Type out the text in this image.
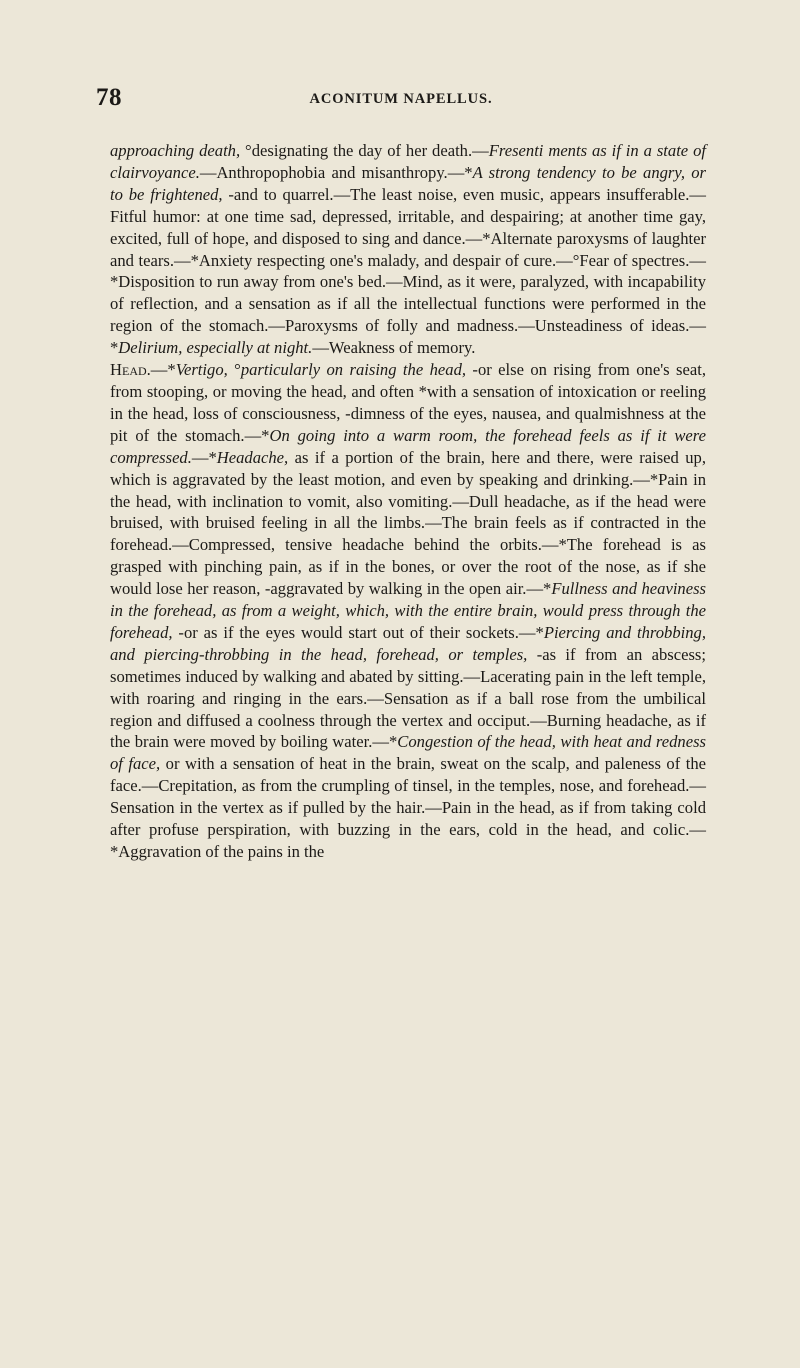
78	ACONITUM NAPELLUS.

approaching death, °designating the day of her death.—Fresenti ments as if in a state of clairvoyance.—Anthropophobia and misanthropy.—*A strong tendency to be angry, or to be frightened, -and to quarrel.—The least noise, even music, appears insufferable.—Fitful humor: at one time sad, depressed, irritable, and despairing; at another time gay, excited, full of hope, and disposed to sing and dance.—*Alternate paroxysms of laughter and tears.—*Anxiety respecting one's malady, and despair of cure.—°Fear of spectres.—*Disposition to run away from one's bed.—Mind, as it were, paralyzed, with incapability of reflection, and a sensation as if all the intellectual functions were performed in the region of the stomach.—Paroxysms of folly and madness.—Unsteadiness of ideas.—*Delirium, especially at night.—Weakness of memory.

Head.—*Vertigo, °particularly on raising the head, -or else on rising from one's seat, from stooping, or moving the head, and often *with a sensation of intoxication or reeling in the head, loss of consciousness, -dimness of the eyes, nausea, and qualmishness at the pit of the stomach.—*On going into a warm room, the forehead feels as if it were compressed.—*Headache, as if a portion of the brain, here and there, were raised up, which is aggravated by the least motion, and even by speaking and drinking.—*Pain in the head, with inclination to vomit, also vomiting.—Dull headache, as if the head were bruised, with bruised feeling in all the limbs.—The brain feels as if contracted in the forehead.—Compressed, tensive headache behind the orbits.—*The forehead is as grasped with pinching pain, as if in the bones, or over the root of the nose, as if she would lose her reason, -aggravated by walking in the open air.—*Fullness and heaviness in the forehead, as from a weight, which, with the entire brain, would press through the forehead, -or as if the eyes would start out of their sockets.—*Piercing and throbbing, and piercing-throbbing in the head, forehead, or temples, -as if from an abscess; sometimes induced by walking and abated by sitting.—Lacerating pain in the left temple, with roaring and ringing in the ears.—Sensation as if a ball rose from the umbilical region and diffused a coolness through the vertex and occiput.—Burning headache, as if the brain were moved by boiling water.—*Congestion of the head, with heat and redness of face, or with a sensation of heat in the brain, sweat on the scalp, and paleness of the face.—Crepitation, as from the crumpling of tinsel, in the temples, nose, and forehead.—Sensation in the vertex as if pulled by the hair.—Pain in the head, as if from taking cold after profuse perspiration, with buzzing in the ears, cold in the head, and colic.—*Aggravation of the pains in the
